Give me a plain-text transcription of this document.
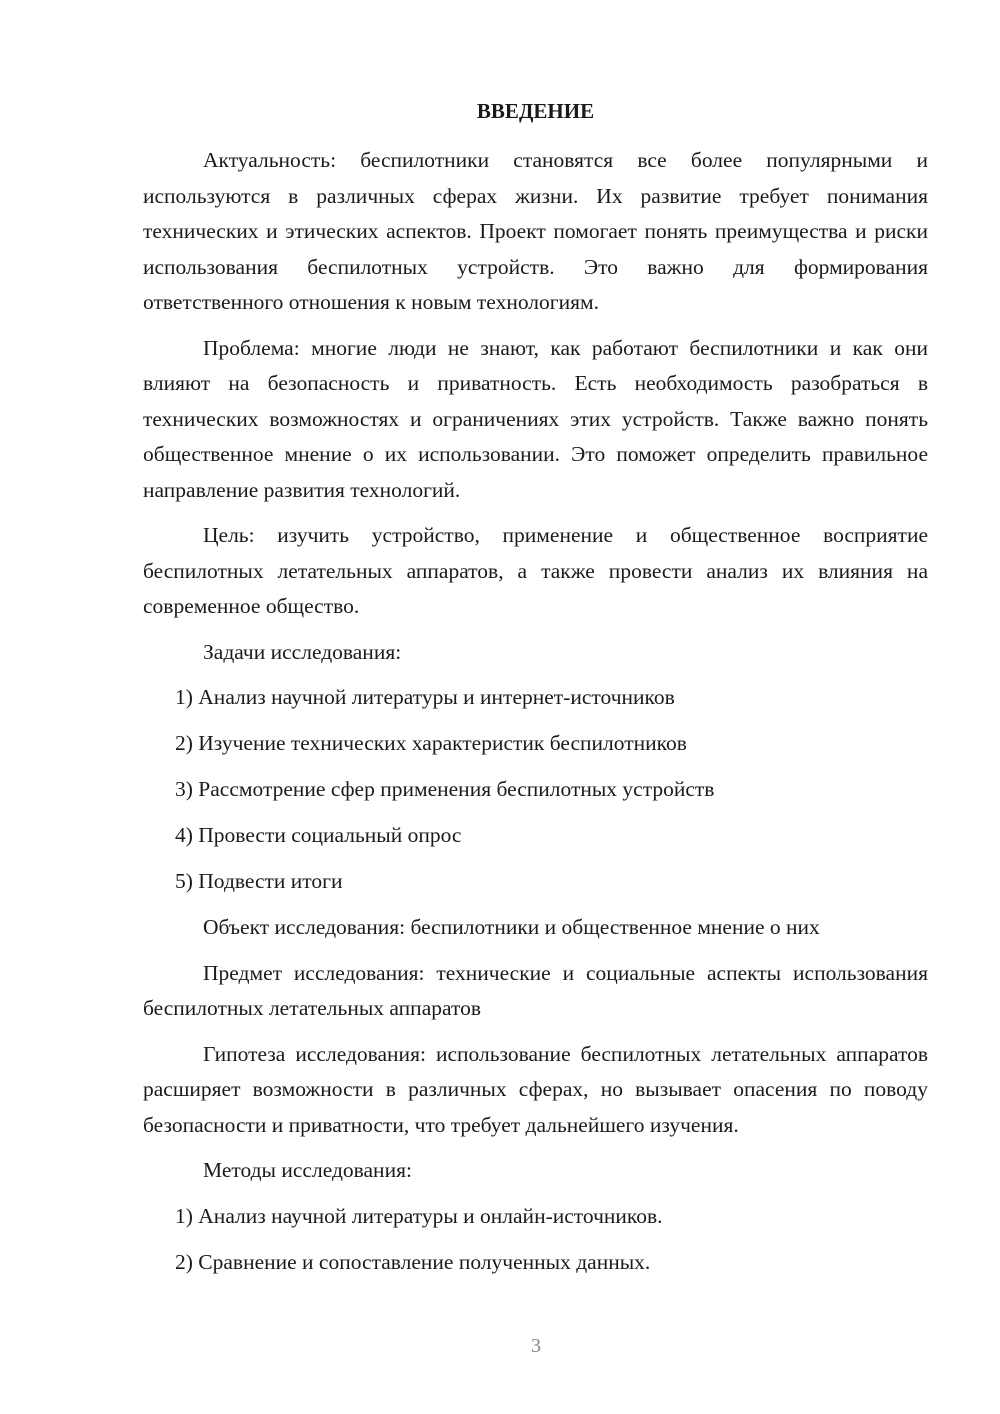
ВВЕДЕНИЕ

Актуальность: беспилотники становятся все более популярными и используются в различных сферах жизни. Их развитие требует понимания технических и этических аспектов. Проект помогает понять преимущества и риски использования беспилотных устройств. Это важно для формирования ответственного отношения к новым технологиям.

Проблема: многие люди не знают, как работают беспилотники и как они влияют на безопасность и приватность. Есть необходимость разобраться в технических возможностях и ограничениях этих устройств. Также важно понять общественное мнение о их использовании. Это поможет определить правильное направление развития технологий.

Цель: изучить устройство, применение и общественное восприятие беспилотных летательных аппаратов, а также провести анализ их влияния на современное общество.

Задачи исследования:

1) Анализ научной литературы и интернет-источников

2) Изучение технических характеристик беспилотников

3) Рассмотрение сфер применения беспилотных устройств

4) Провести социальный опрос

5) Подвести итоги

Объект исследования: беспилотники и общественное мнение о них

Предмет исследования: технические и социальные аспекты использования беспилотных летательных аппаратов

Гипотеза исследования: использование беспилотных летательных аппаратов расширяет возможности в различных сферах, но вызывает опасения по поводу безопасности и приватности, что требует дальнейшего изучения.

Методы исследования:

1) Анализ научной литературы и онлайн-источников.

2) Сравнение и сопоставление полученных данных.

3
